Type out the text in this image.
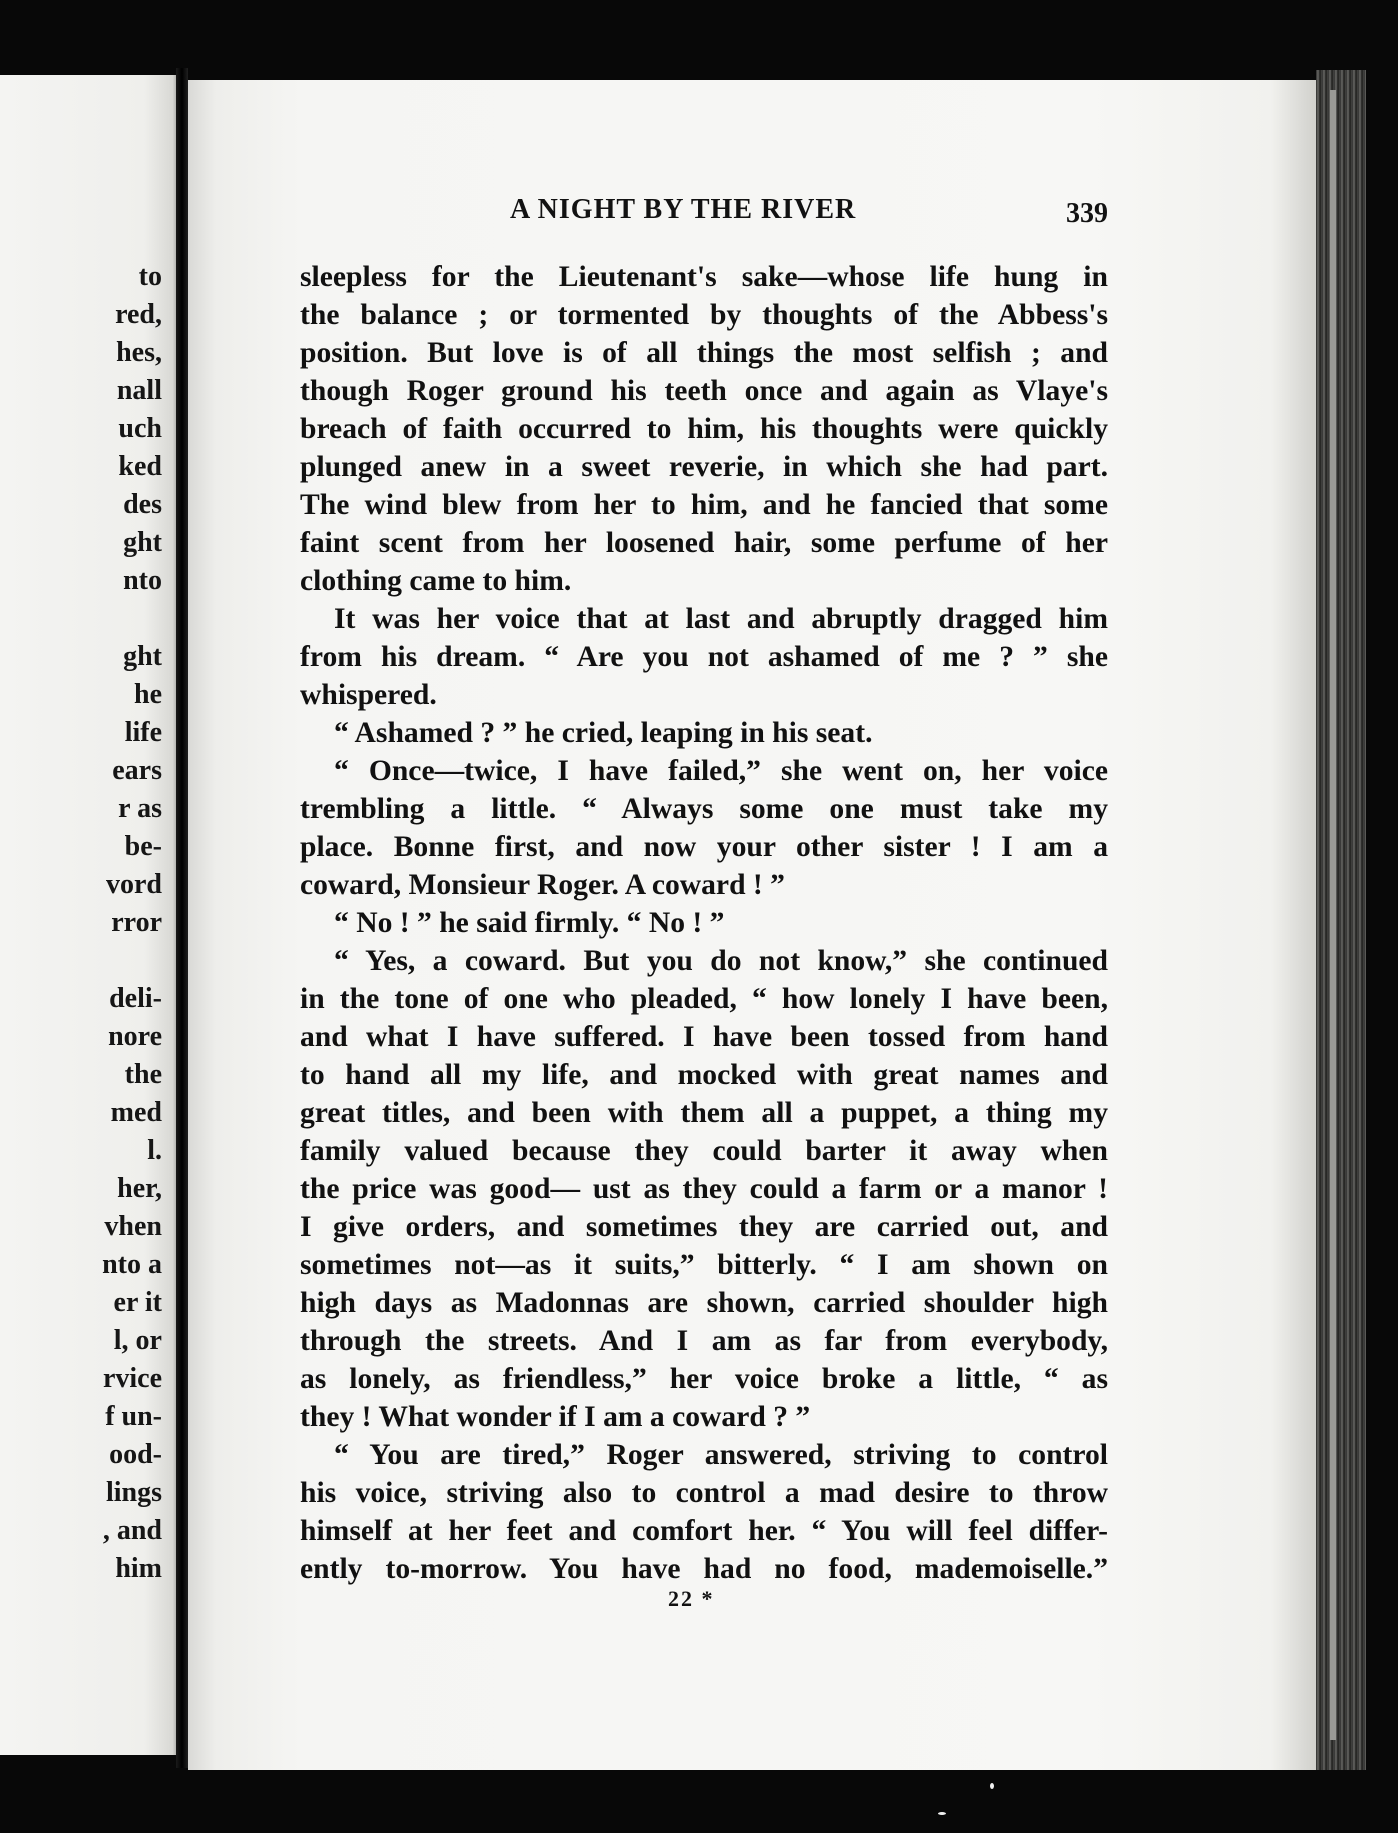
to
red,
hes,
nall
uch
ked
des
ght
nto
ght
he
life
ears
r as
be-
vord
rror
deli-
nore
the
med
l.
her,
vhen
nto a
er it
l, or
rvice
f un-
ood-
lings
, and
him
A NIGHT BY THE RIVER	339
sleepless for the Lieutenant's sake—whose life hung in
the balance ; or tormented by thoughts of the Abbess's
position. But love is of all things the most selfish ; and
though Roger ground his teeth once and again as Vlaye's
breach of faith occurred to him, his thoughts were quickly
plunged anew in a sweet reverie, in which she had part.
The wind blew from her to him, and he fancied that some
faint scent from her loosened hair, some perfume of her
clothing came to him.
It was her voice that at last and abruptly dragged him
from his dream. “ Are you not ashamed of me ? ” she
whispered.
“ Ashamed ? ” he cried, leaping in his seat.
“ Once—twice, I have failed,” she went on, her voice
trembling a little. “ Always some one must take my
place. Bonne first, and now your other sister ! I am a
coward, Monsieur Roger. A coward ! ”
“ No ! ” he said firmly. “ No ! ”
“ Yes, a coward. But you do not know,” she continued
in the tone of one who pleaded, “ how lonely I have been,
and what I have suffered. I have been tossed from hand
to hand all my life, and mocked with great names and
great titles, and been with them all a puppet, a thing my
family valued because they could barter it away when
the price was good— ust as they could a farm or a manor !
I give orders, and sometimes they are carried out, and
sometimes not—as it suits,” bitterly. “ I am shown on
high days as Madonnas are shown, carried shoulder high
through the streets. And I am as far from everybody,
as lonely, as friendless,” her voice broke a little, “ as
they ! What wonder if I am a coward ? ”
“ You are tired,” Roger answered, striving to control
his voice, striving also to control a mad desire to throw
himself at her feet and comfort her. “ You will feel differ-
ently to-morrow. You have had no food, mademoiselle.”
22 *
